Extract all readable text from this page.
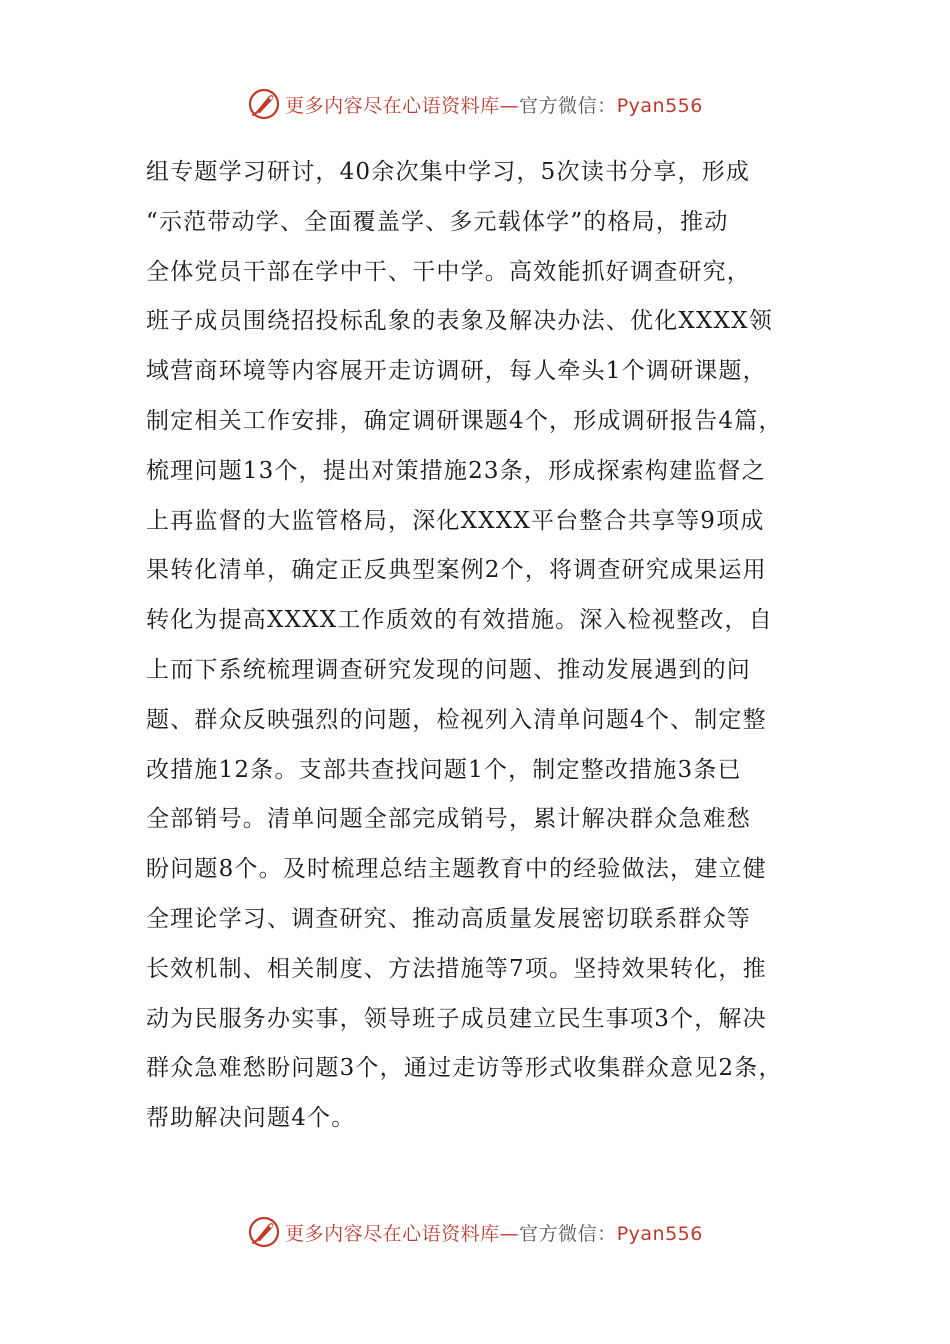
更多内容尽在心语资料库—官方微信：Pyan556
组专题学习研讨，40余次集中学习，5次读书分享，形成
“示范带动学、全面覆盖学、多元载体学”的格局，推动
全体党员干部在学中干、干中学。高效能抓好调查研究，
班子成员围绕招投标乱象的表象及解决办法、优化XXXX领
域营商环境等内容展开走访调研，每人牵头1个调研课题，
制定相关工作安排，确定调研课题4个，形成调研报告4篇，
梳理问题13个，提出对策措施23条，形成探索构建监督之
上再监督的大监管格局，深化XXXX平台整合共享等9项成
果转化清单，确定正反典型案例2个，将调查研究成果运用
转化为提高XXXX工作质效的有效措施。深入检视整改，自
上而下系统梳理调查研究发现的问题、推动发展遇到的问
题、群众反映强烈的问题，检视列入清单问题4个、制定整
改措施12条。支部共查找问题1个，制定整改措施3条已
全部销号。清单问题全部完成销号，累计解决群众急难愁
盼问题8个。及时梳理总结主题教育中的经验做法，建立健
全理论学习、调查研究、推动高质量发展密切联系群众等
长效机制、相关制度、方法措施等7项。坚持效果转化，推
动为民服务办实事，领导班子成员建立民生事项3个，解决
群众急难愁盼问题3个，通过走访等形式收集群众意见2条，
帮助解决问题4个。
更多内容尽在心语资料库—官方微信：Pyan556
